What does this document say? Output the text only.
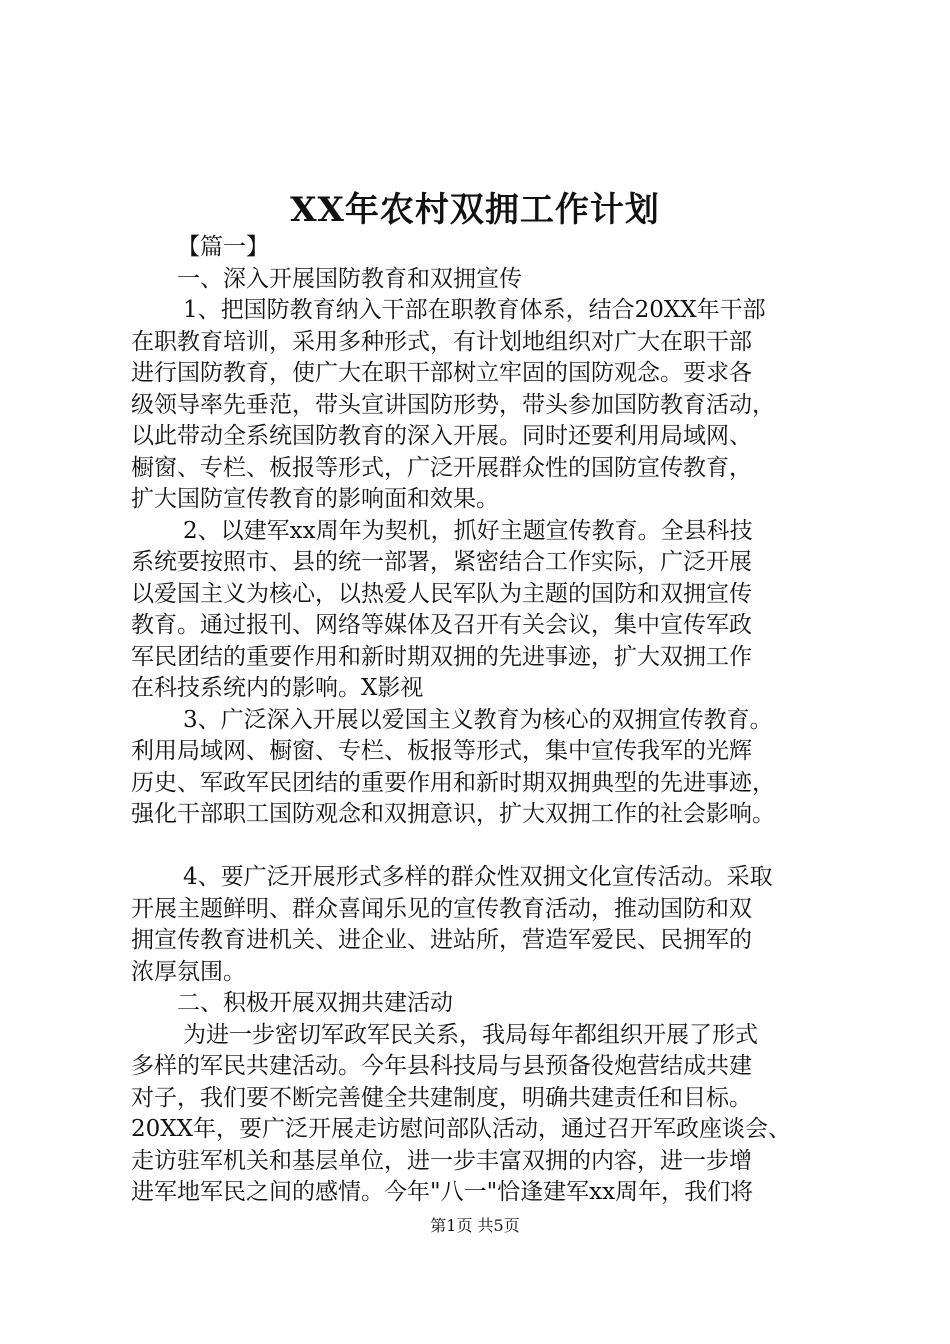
XX年农村双拥工作计划
【篇一】
一、深入开展国防教育和双拥宣传
1、把国防教育纳入干部在职教育体系，结合20XX年干部
在职教育培训，采用多种形式，有计划地组织对广大在职干部
进行国防教育，使广大在职干部树立牢固的国防观念。要求各
级领导率先垂范，带头宣讲国防形势，带头参加国防教育活动，
以此带动全系统国防教育的深入开展。同时还要利用局域网、
橱窗、专栏、板报等形式，广泛开展群众性的国防宣传教育，
扩大国防宣传教育的影响面和效果。
2、以建军xx周年为契机，抓好主题宣传教育。全县科技
系统要按照市、县的统一部署，紧密结合工作实际，广泛开展
以爱国主义为核心，以热爱人民军队为主题的国防和双拥宣传
教育。通过报刊、网络等媒体及召开有关会议，集中宣传军政
军民团结的重要作用和新时期双拥的先进事迹，扩大双拥工作
在科技系统内的影响。X影视
3、广泛深入开展以爱国主义教育为核心的双拥宣传教育。
利用局域网、橱窗、专栏、板报等形式，集中宣传我军的光辉
历史、军政军民团结的重要作用和新时期双拥典型的先进事迹，
强化干部职工国防观念和双拥意识，扩大双拥工作的社会影响。
4、要广泛开展形式多样的群众性双拥文化宣传活动。采取
开展主题鲜明、群众喜闻乐见的宣传教育活动，推动国防和双
拥宣传教育进机关、进企业、进站所，营造军爱民、民拥军的
浓厚氛围。
二、积极开展双拥共建活动
为进一步密切军政军民关系，我局每年都组织开展了形式
多样的军民共建活动。今年县科技局与县预备役炮营结成共建
对子，我们要不断完善健全共建制度，明确共建责任和目标。
20XX年，要广泛开展走访慰问部队活动，通过召开军政座谈会、
走访驻军机关和基层单位，进一步丰富双拥的内容，进一步增
进军地军民之间的感情。今年"八一"恰逢建军xx周年，我们将
第1页 共5页
